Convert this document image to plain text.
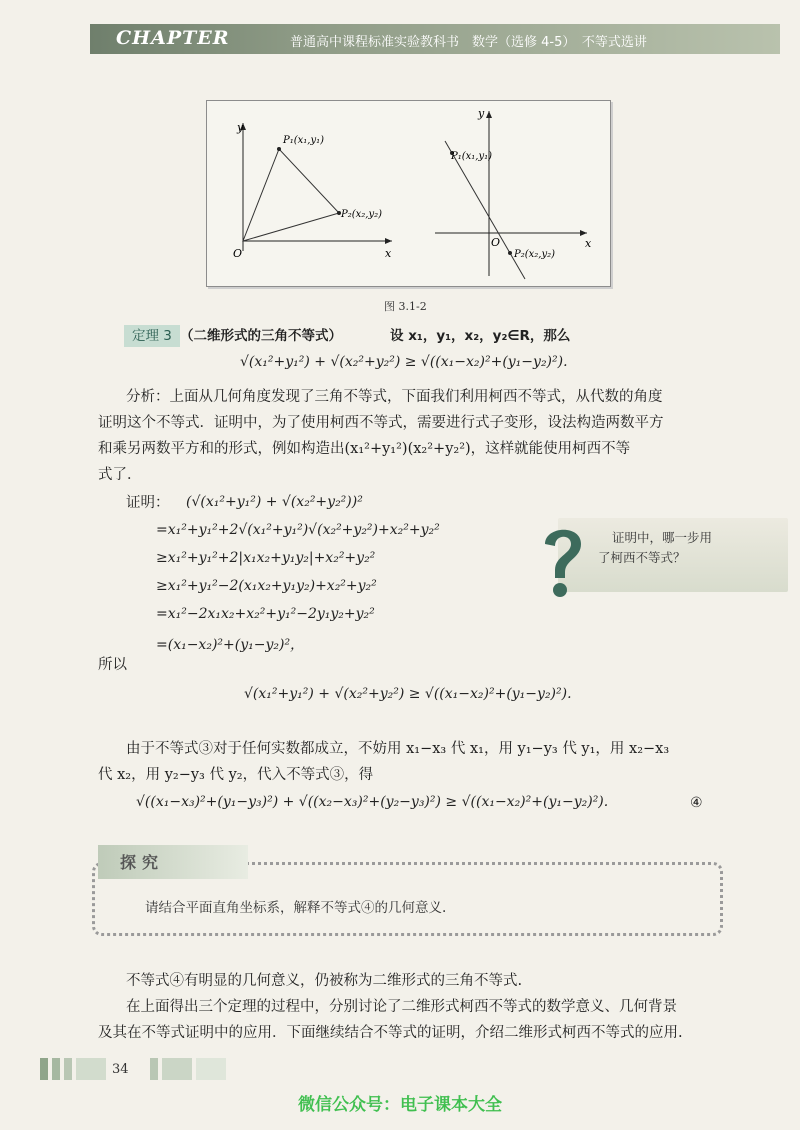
CHAPTER	普通高中课程标准实验教科书　数学（选修 4-5）　不等式选讲
y
x
O
P₁(x₁,y₁)
P₂(x₂,y₂)
y
x
O
P₁(x₁,y₁)
P₂(x₂,y₂)
图 3.1-2
定理 3 （二维形式的三角不等式）	设 x₁，y₁，x₂，y₂∈R，那么
√(x₁²+y₁²) + √(x₂²+y₂²) ≥ √((x₁−x₂)²+(y₁−y₂)²).
分析：上面从几何角度发现了三角不等式，下面我们利用柯西不等式，从代数的角度
证明这个不等式．证明中，为了使用柯西不等式，需要进行式子变形，设法构造两数平方
和乘另两数平方和的形式，例如构造出(x₁²+y₁²)(x₂²+y₂²)，这样就能使用柯西不等
式了．
证明： (√(x₁²+y₁²) + √(x₂²+y₂²))²
=x₁²+y₁²+2√(x₁²+y₁²)√(x₂²+y₂²)+x₂²+y₂²
≥x₁²+y₁²+2|x₁x₂+y₁y₂|+x₂²+y₂²
≥x₁²+y₁²−2(x₁x₂+y₁y₂)+x₂²+y₂²
=x₁²−2x₁x₂+x₂²+y₁²−2y₁y₂+y₂²
=(x₁−x₂)²+(y₁−y₂)²，
证明中，哪一步用
了柯西不等式？
所以
√(x₁²+y₁²) + √(x₂²+y₂²) ≥ √((x₁−x₂)²+(y₁−y₂)²).
由于不等式③对于任何实数都成立，不妨用 x₁−x₃ 代 x₁，用 y₁−y₃ 代 y₁，用 x₂−x₃
代 x₂，用 y₂−y₃ 代 y₂，代入不等式③，得
√((x₁−x₃)²+(y₁−y₃)²) + √((x₂−x₃)²+(y₂−y₃)²) ≥ √((x₁−x₂)²+(y₁−y₂)²).	④
探究
请结合平面直角坐标系，解释不等式④的几何意义.
不等式④有明显的几何意义，仍被称为二维形式的三角不等式.
在上面得出三个定理的过程中，分别讨论了二维形式柯西不等式的数学意义、几何背景
及其在不等式证明中的应用．下面继续结合不等式的证明，介绍二维形式柯西不等式的应用.
34
微信公众号：电子课本大全
